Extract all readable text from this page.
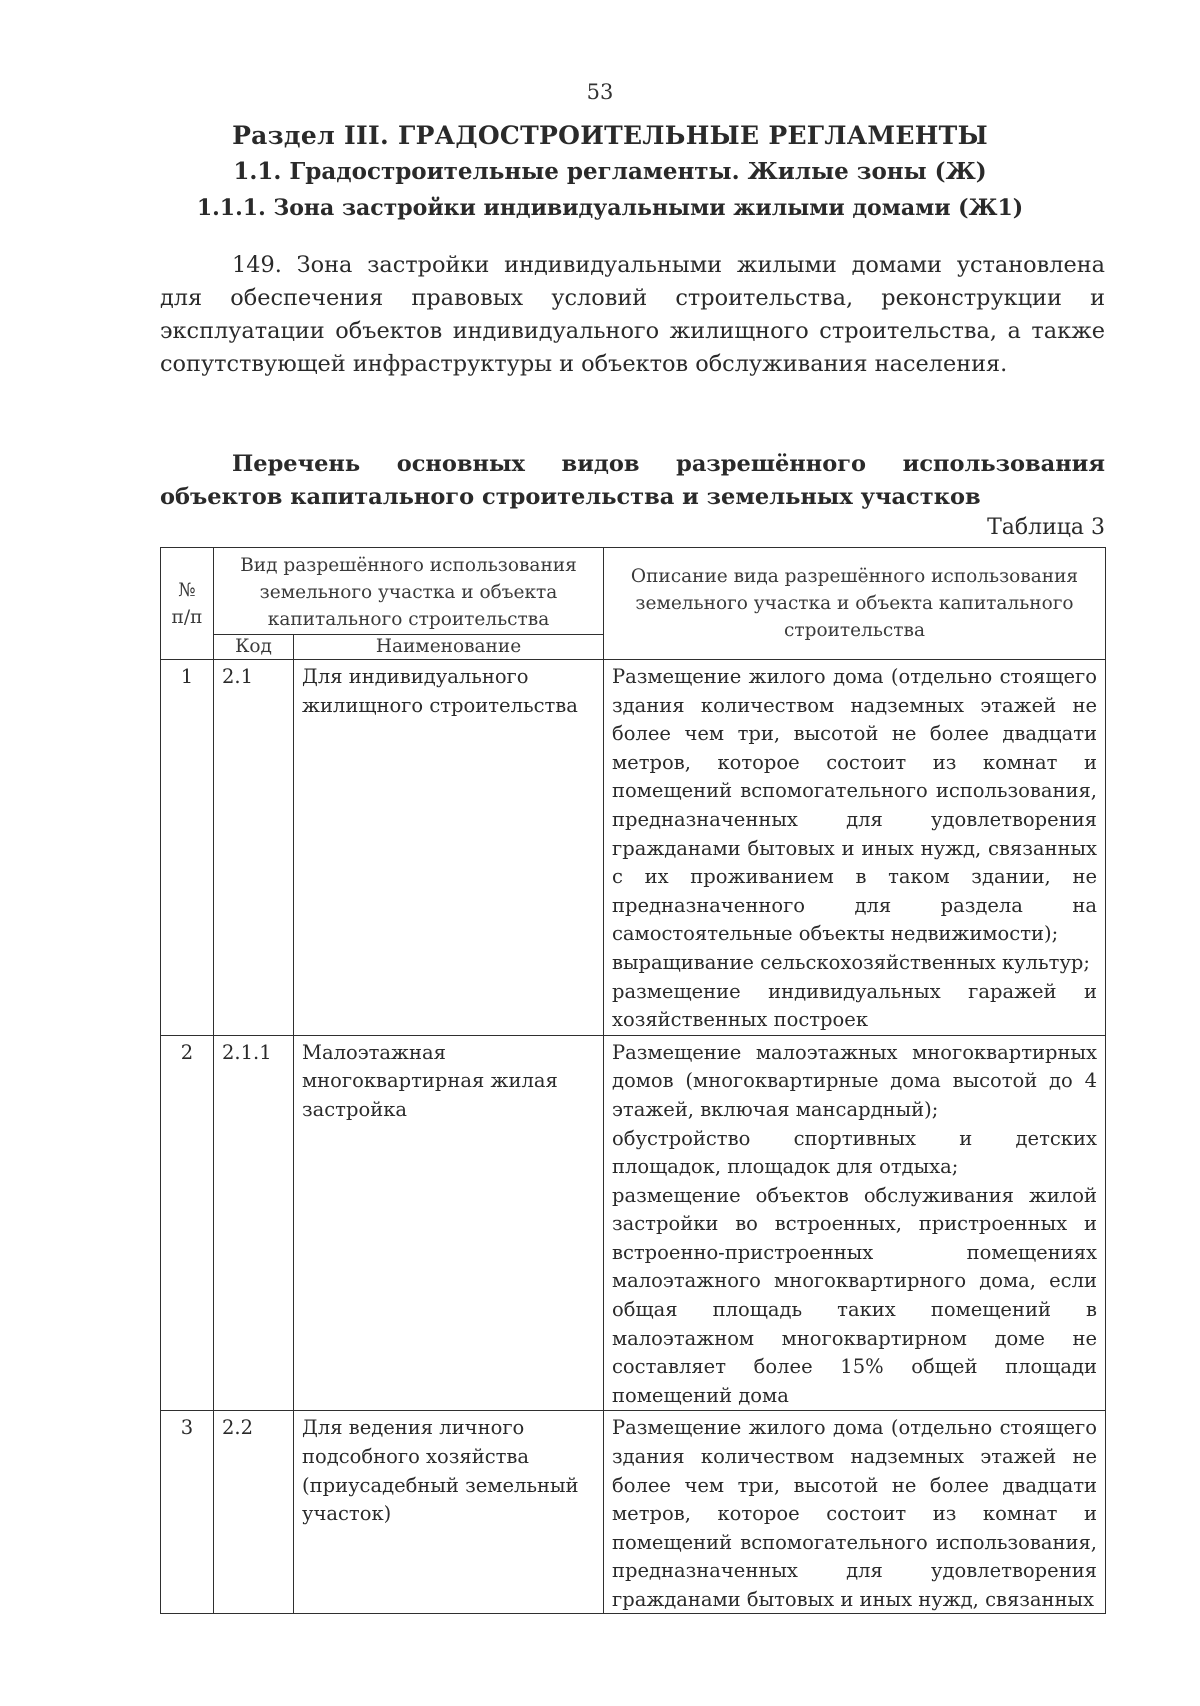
53
Раздел III. ГРАДОСТРОИТЕЛЬНЫЕ РЕГЛАМЕНТЫ
1.1. Градостроительные регламенты. Жилые зоны (Ж)
1.1.1. Зона застройки индивидуальными жилыми домами (Ж1)

149. Зона застройки индивидуальными жилыми домами установлена для обеспечения правовых условий строительства, реконструкции и эксплуатации объектов индивидуального жилищного строительства, а также сопутствующей инфраструктуры и объектов обслуживания населения.

Перечень основных видов разрешённого использования объектов капитального строительства и земельных участков

Таблица 3
№ п/п	Вид разрешённого использования земельного участка и объекта капитального строительства		Описание вида разрешённого использования земельного участка и объекта капитального строительства
	Код	Наименование	
1	2.1	Для индивидуального жилищного строительства	Размещение жилого дома (отдельно стоящего здания количеством надземных этажей не более чем три, высотой не более двадцати метров, которое состоит из комнат и помещений вспомогательного использования, предназначенных для удовлетворения гражданами бытовых и иных нужд, связанных с их проживанием в таком здании, не предназначенного для раздела на самостоятельные объекты недвижимости);
выращивание сельскохозяйственных культур;
размещение индивидуальных гаражей и хозяйственных построек

2	2.1.1	Малоэтажная многоквартирная жилая застройка	Размещение малоэтажных многоквартирных домов (многоквартирные дома высотой до 4 этажей, включая мансардный);
обустройство спортивных и детских площадок, площадок для отдыха;
размещение объектов обслуживания жилой застройки во встроенных, пристроенных и встроенно-пристроенных помещениях малоэтажного многоквартирного дома, если общая площадь таких помещений в малоэтажном многоквартирном доме не составляет более 15% общей площади помещений дома

3	2.2	Для ведения личного подсобного хозяйства (приусадебный земельный участок)	Размещение жилого дома (отдельно стоящего здания количеством надземных этажей не более чем три, высотой не более двадцати метров, которое состоит из комнат и помещений вспомогательного использования, предназначенных для удовлетворения гражданами бытовых и иных нужд, связанных
